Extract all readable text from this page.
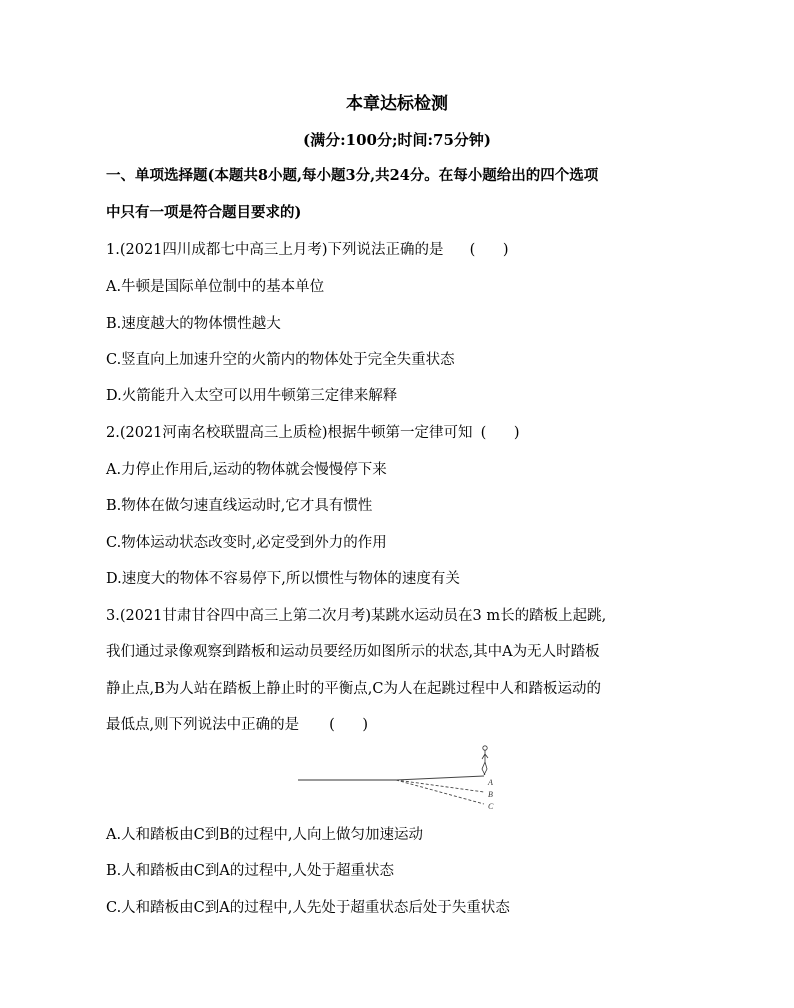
本章达标检测
(满分:100分;时间:75分钟)
一、单项选择题(本题共8小题,每小题3分,共24分。在每小题给出的四个选项
中只有一项是符合题目要求的)
1.(2021四川成都七中高三上月考)下列说法正确的是 (      )
A.牛顿是国际单位制中的基本单位
B.速度越大的物体惯性越大
C.竖直向上加速升空的火箭内的物体处于完全失重状态
D.火箭能升入太空可以用牛顿第三定律来解释
2.(2021河南名校联盟高三上质检)根据牛顿第一定律可知 (      )
A.力停止作用后,运动的物体就会慢慢停下来
B.物体在做匀速直线运动时,它才具有惯性
C.物体运动状态改变时,必定受到外力的作用
D.速度大的物体不容易停下,所以惯性与物体的速度有关
3.(2021甘肃甘谷四中高三上第二次月考)某跳水运动员在3 m长的踏板上起跳,
我们通过录像观察到踏板和运动员要经历如图所示的状态,其中A为无人时踏板
静止点,B为人站在踏板上静止时的平衡点,C为人在起跳过程中人和踏板运动的
最低点,则下列说法中正确的是 (      )
A
B
C
A.人和踏板由C到B的过程中,人向上做匀加速运动
B.人和踏板由C到A的过程中,人处于超重状态
C.人和踏板由C到A的过程中,人先处于超重状态后处于失重状态
